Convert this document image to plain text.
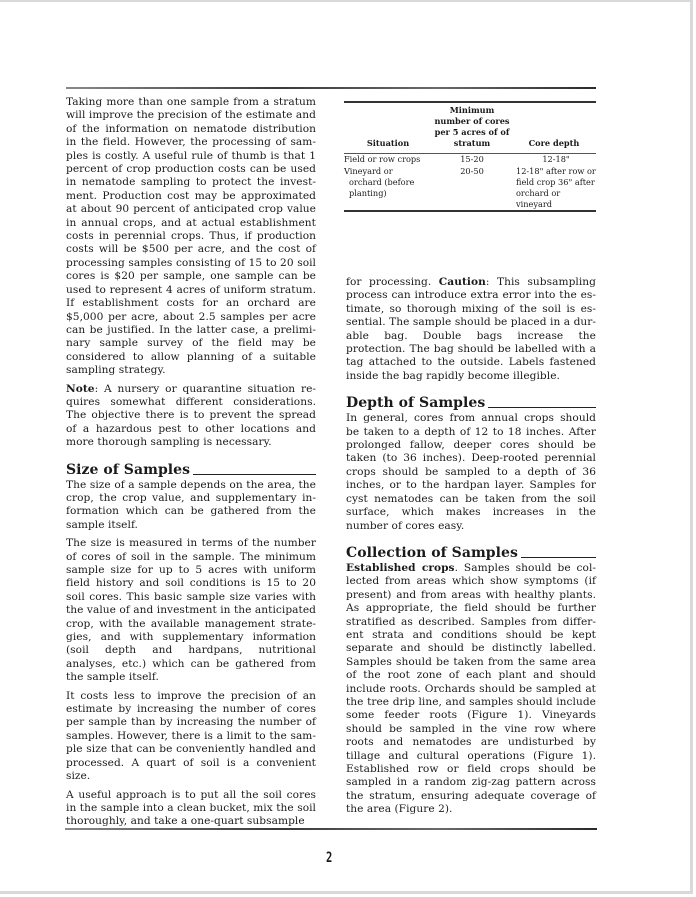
Taking more than one sample from a stratum will improve the precision of the estimate and of the information on nematode distribution in the field. However, the processing of samples is costly. A useful rule of thumb is that 1 percent of crop production costs can be used in nematode sampling to protect the investment. Production cost may be approximated at about 90 percent of anticipated crop value in annual crops, and at actual establishment costs in perennial crops. Thus, if production costs will be $500 per acre, and the cost of processing samples consisting of 15 to 20 soil cores is $20 per sample, one sample can be used to represent 4 acres of uniform stratum. If establishment costs for an orchard are $5,000 per acre, about 2.5 samples per acre can be justified. In the latter case, a preliminary sample survey of the field may be considered to allow planning of a suitable sampling strategy.

Note: A nursery or quarantine situation requires somewhat different considerations. The objective there is to prevent the spread of a hazardous pest to other locations and more thorough sampling is necessary.

Size of Samples

The size of a sample depends on the area, the crop, the crop value, and supplementary information which can be gathered from the sample itself.

The size is measured in terms of the number of cores of soil in the sample. The minimum sample size for up to 5 acres with uniform field history and soil conditions is 15 to 20 soil cores. This basic sample size varies with the value of and investment in the anticipated crop, with the available management strategies, and with supplementary information (soil depth and hardpans, nutritional analyses, etc.) which can be gathered from the sample itself.

It costs less to improve the precision of an estimate by increasing the number of cores per sample than by increasing the number of samples. However, there is a limit to the sample size that can be conveniently handled and processed. A quart of soil is a convenient size.

A useful approach is to put all the soil cores in the sample into a clean bucket, mix the soil thoroughly, and take a one-quart subsample

Situation	Minimum number of cores per 5 acres of of stratum	Core depth
Field or row crops	15-20	12-18"
Vineyard or
orchard (before planting)	20-50	12-18" after row or field crop 36" after orchard or vineyard

for processing. Caution: This subsampling process can introduce extra error into the estimate, so thorough mixing of the soil is essential. The sample should be placed in a durable bag. Double bags increase the protection. The bag should be labelled with a tag attached to the outside. Labels fastened inside the bag rapidly become illegible.

Depth of Samples

In general, cores from annual crops should be taken to a depth of 12 to 18 inches. After prolonged fallow, deeper cores should be taken (to 36 inches). Deep-rooted perennial crops should be sampled to a depth of 36 inches, or to the hardpan layer. Samples for cyst nematodes can be taken from the soil surface, which makes increases in the number of cores easy.

Collection of Samples

Established crops. Samples should be collected from areas which show symptoms (if present) and from areas with healthy plants. As appropriate, the field should be further stratified as described. Samples from different strata and conditions should be kept separate and should be distinctly labelled. Samples should be taken from the same area of the root zone of each plant and should include roots. Orchards should be sampled at the tree drip line, and samples should include some feeder roots (Figure 1). Vineyards should be sampled in the vine row where roots and nematodes are undisturbed by tillage and cultural operations (Figure 1). Established row or field crops should be sampled in a random zig-zag pattern across the stratum, ensuring adequate coverage of the area (Figure 2).

2
